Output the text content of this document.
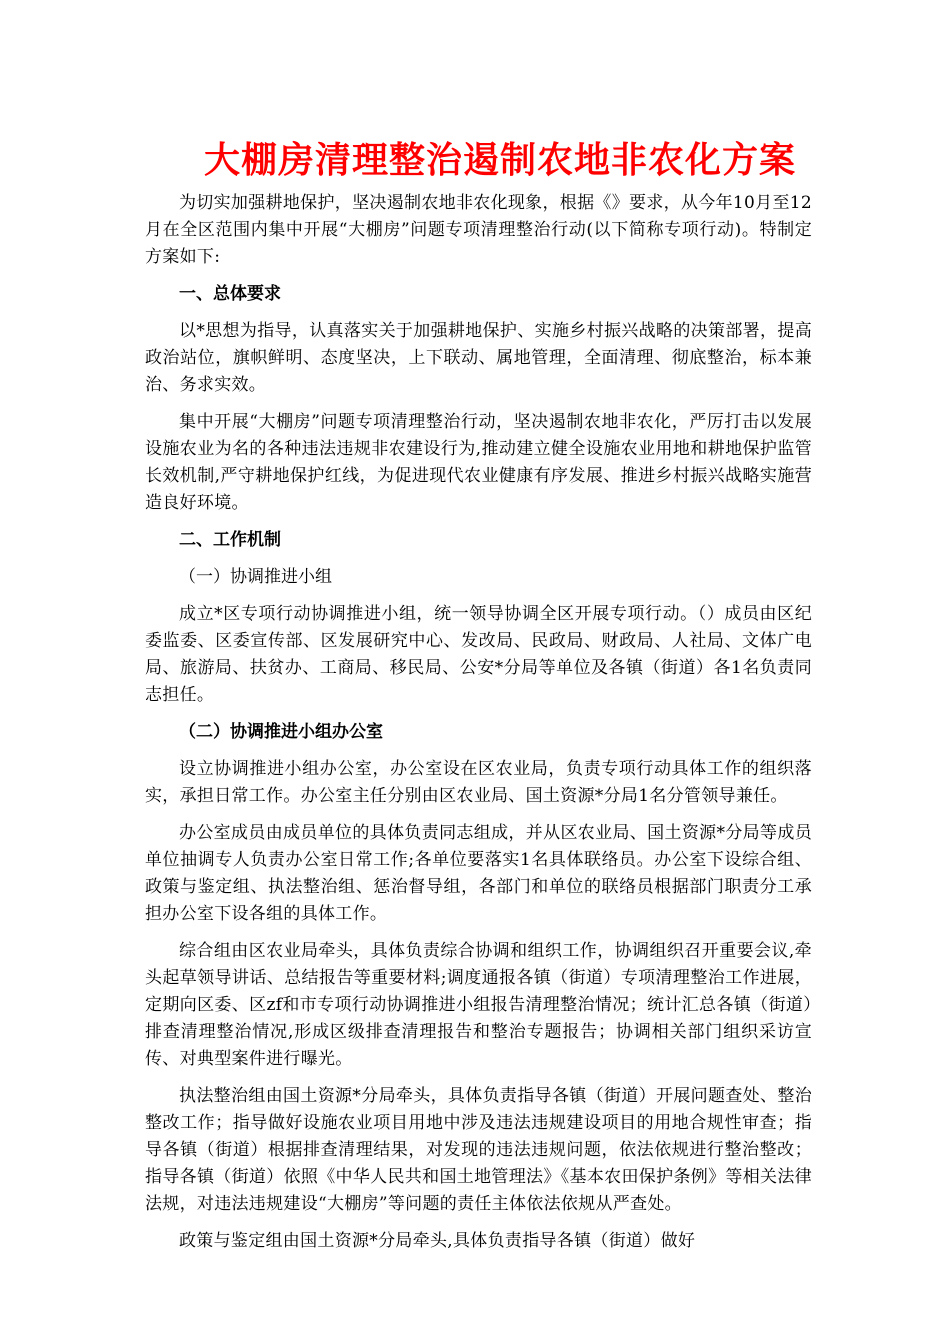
大棚房清理整治遏制农地非农化方案

为切实加强耕地保护，坚决遏制农地非农化现象，根据《》要求，从今年10月至12月在全区范围内集中开展“大棚房”问题专项清理整治行动(以下简称专项行动)。特制定方案如下:

一、总体要求

以*思想为指导，认真落实关于加强耕地保护、实施乡村振兴战略的决策部署，提高政治站位，旗帜鲜明、态度坚决，上下联动、属地管理，全面清理、彻底整治，标本兼治、务求实效。

集中开展“大棚房”问题专项清理整治行动，坚决遏制农地非农化，严厉打击以发展设施农业为名的各种违法违规非农建设行为,推动建立健全设施农业用地和耕地保护监管长效机制,严守耕地保护红线，为促进现代农业健康有序发展、推进乡村振兴战略实施营造良好环境。

二、工作机制

（一）协调推进小组

成立*区专项行动协调推进小组，统一领导协调全区开展专项行动。（）成员由区纪委监委、区委宣传部、区发展研究中心、发改局、民政局、财政局、人社局、文体广电局、旅游局、扶贫办、工商局、移民局、公安*分局等单位及各镇（街道）各1名负责同志担任。

（二）协调推进小组办公室

设立协调推进小组办公室，办公室设在区农业局，负责专项行动具体工作的组织落实，承担日常工作。办公室主任分别由区农业局、国土资源*分局1名分管领导兼任。

办公室成员由成员单位的具体负责同志组成，并从区农业局、国土资源*分局等成员单位抽调专人负责办公室日常工作;各单位要落实1名具体联络员。办公室下设综合组、政策与鉴定组、执法整治组、惩治督导组，各部门和单位的联络员根据部门职责分工承担办公室下设各组的具体工作。

综合组由区农业局牵头，具体负责综合协调和组织工作，协调组织召开重要会议,牵头起草领导讲话、总结报告等重要材料;调度通报各镇（街道）专项清理整治工作进展，定期向区委、区zf和市专项行动协调推进小组报告清理整治情况；统计汇总各镇（街道）排查清理整治情况,形成区级排查清理报告和整治专题报告；协调相关部门组织采访宣传、对典型案件进行曝光。

执法整治组由国土资源*分局牵头，具体负责指导各镇（街道）开展问题查处、整治整改工作；指导做好设施农业项目用地中涉及违法违规建设项目的用地合规性审查；指导各镇（街道）根据排查清理结果，对发现的违法违规问题，依法依规进行整治整改；指导各镇（街道）依照《中华人民共和国土地管理法》《基本农田保护条例》等相关法律法规，对违法违规建设“大棚房”等问题的责任主体依法依规从严查处。

政策与鉴定组由国土资源*分局牵头,具体负责指导各镇（街道）做好
